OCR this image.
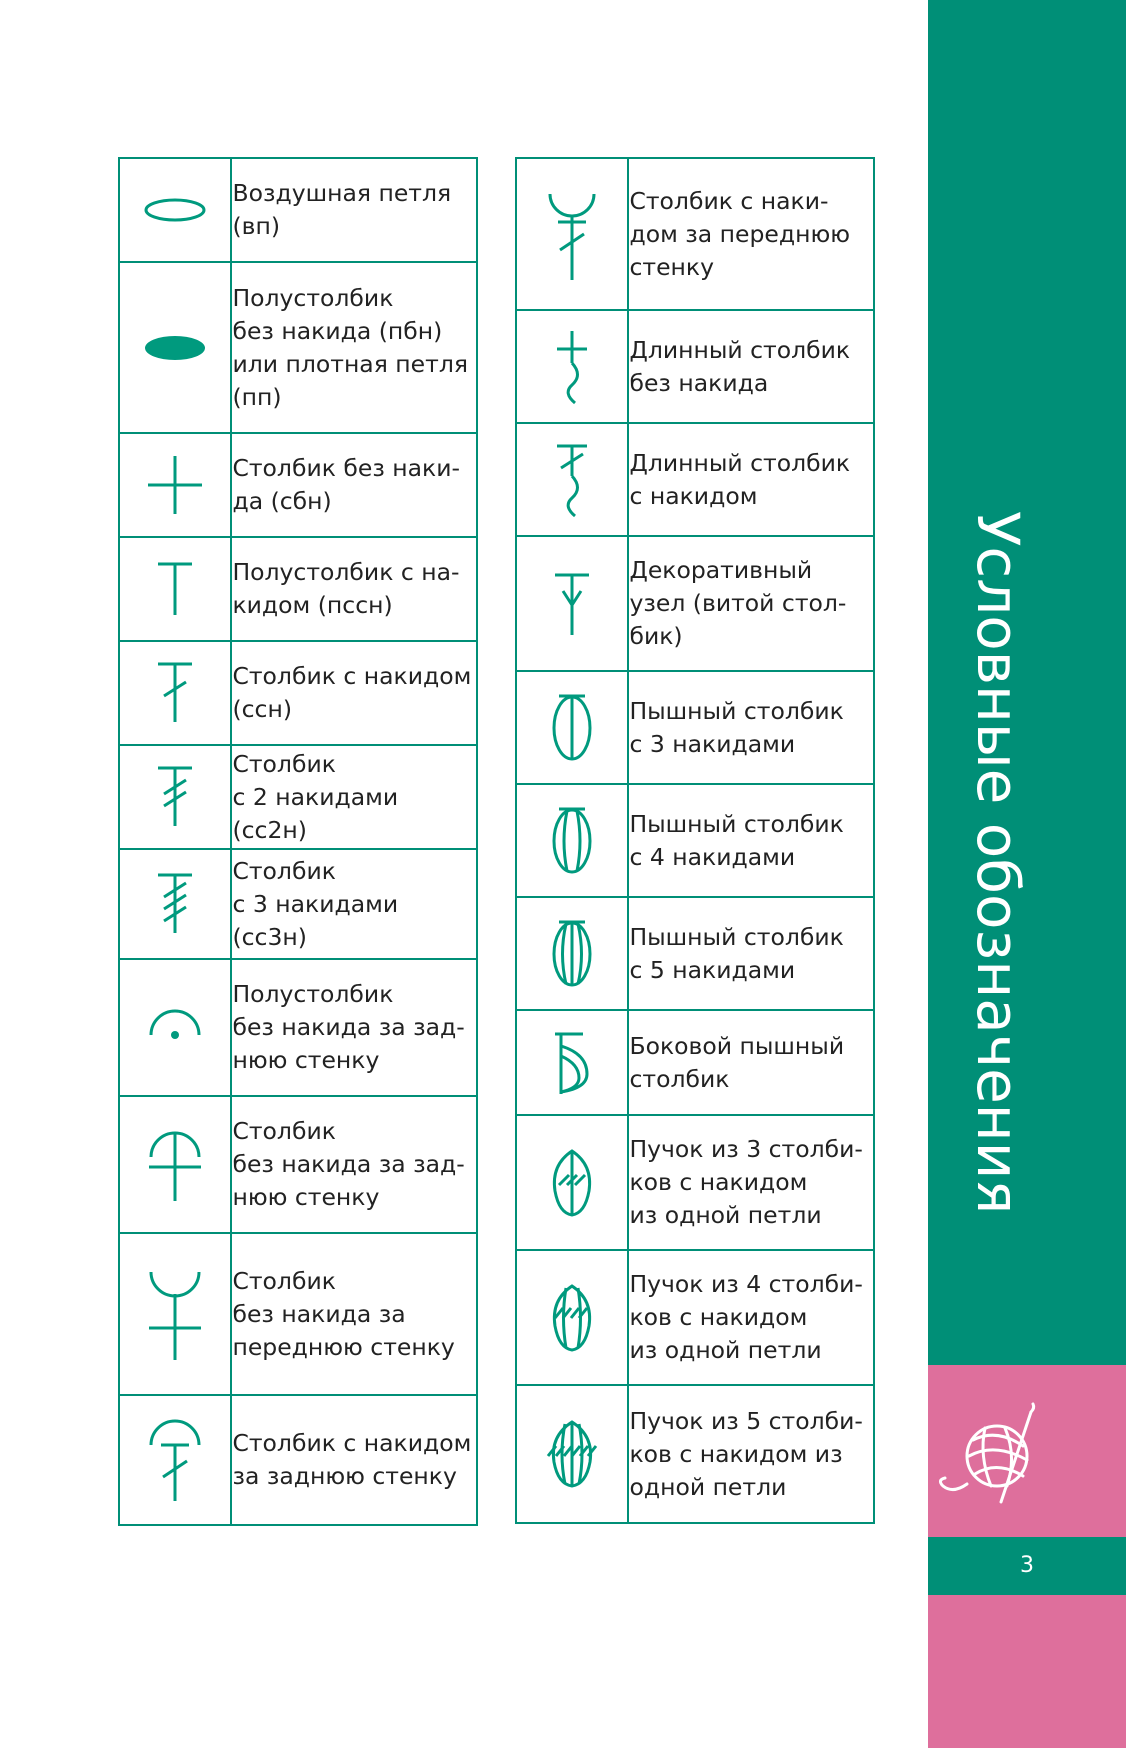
Условные обозначения
3
	Воздушная петля
(вп)

	Полустолбик
без накида (пбн)
или плотная петля
(пп)

	Столбик без наки-
да (сбн)

	Полустолбик с на-
кидом (пссн)

	Столбик с накидом
(ссн)

	Столбик
с 2 накидами (сс2н)

	Столбик
с 3 накидами (сс3н)

	Полустолбик
без накида за зад-
нюю стенку

	Столбик
без накида за зад-
нюю стенку

	Столбик
без накида за
переднюю стенку

	Столбик с накидом
за заднюю стенку
	Столбик с наки-
дом за переднюю
стенку

	Длинный столбик
без накида

	Длинный столбик
с накидом

	Декоративный
узел (витой стол-
бик)

	Пышный столбик
с 3 накидами

	Пышный столбик
с 4 накидами

	Пышный столбик
с 5 накидами

	Боковой пышный
столбик

	Пучок из 3 столби-
ков с накидом
из одной петли

	Пучок из 4 столби-
ков с накидом
из одной петли

	Пучок из 5 столби-
ков с накидом из
одной петли
